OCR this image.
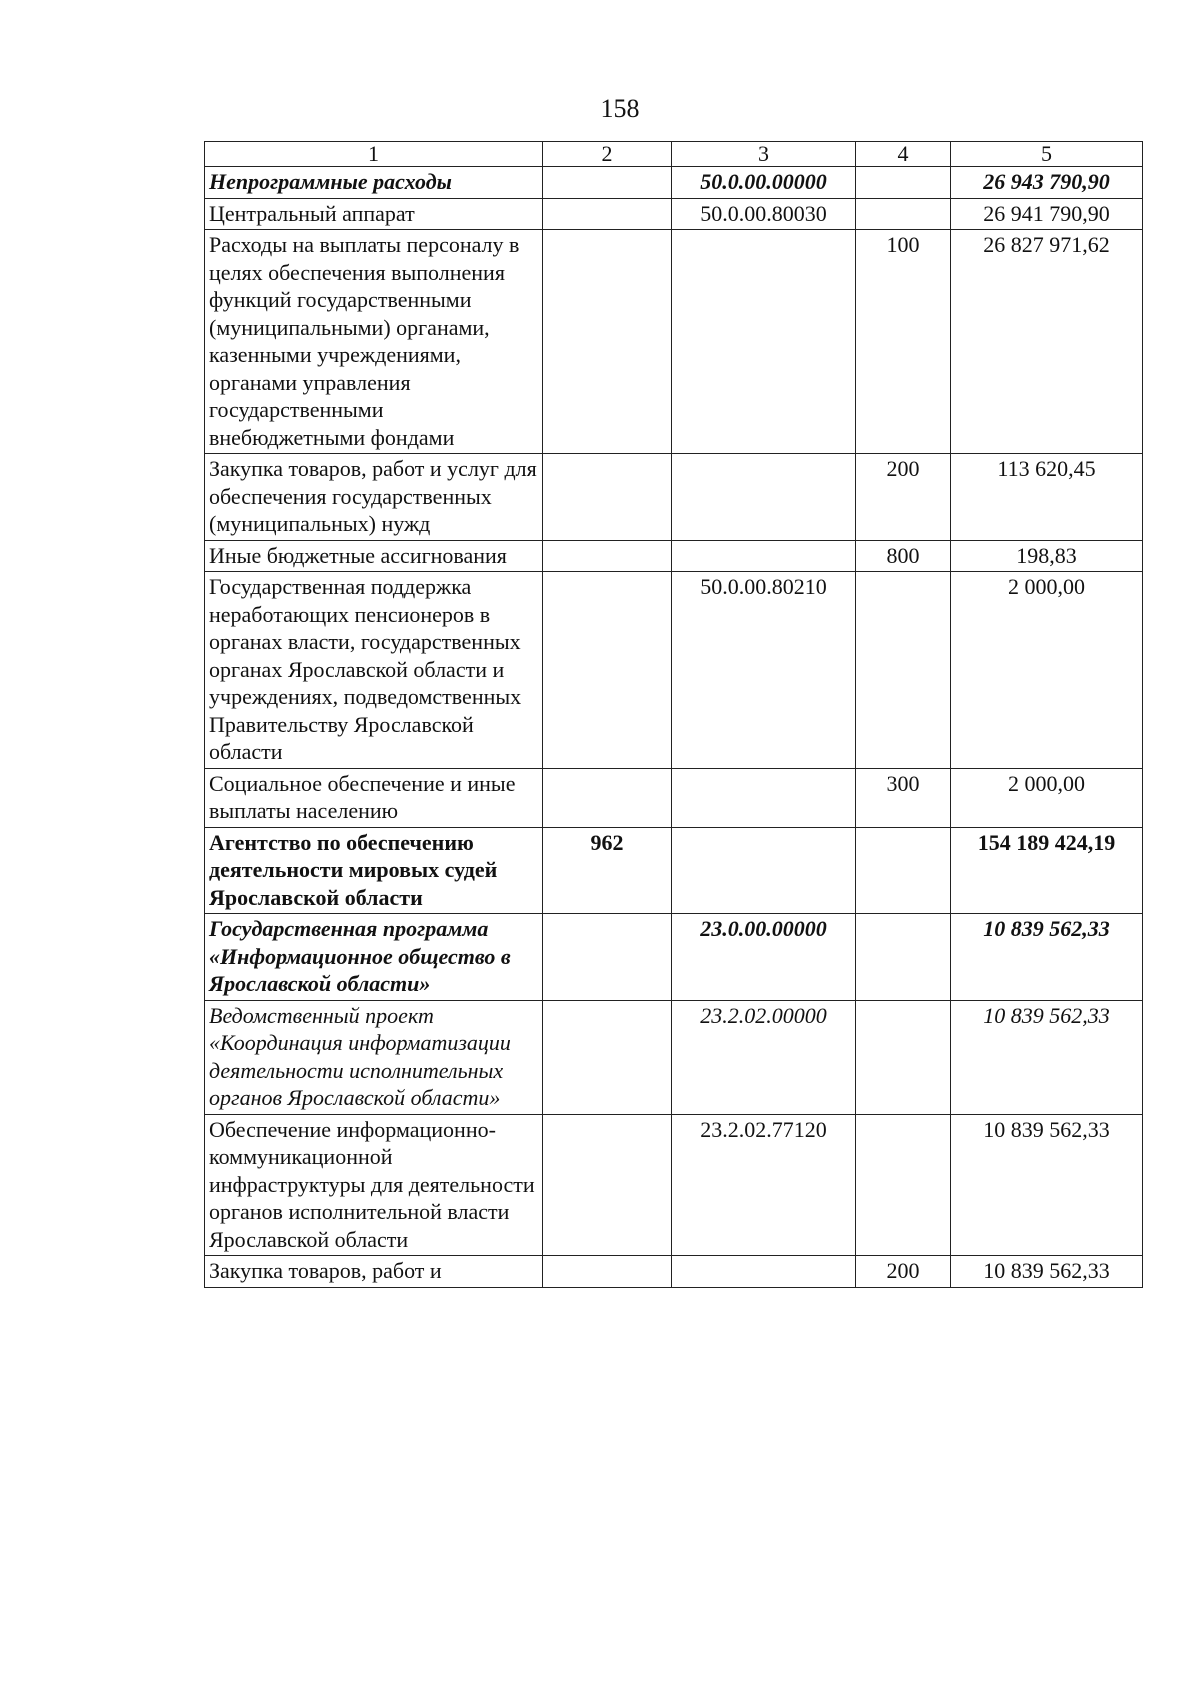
158
1	2	3	4	5
Непрограммные расходы		50.0.00.00000		26 943 790,90
Центральный аппарат		50.0.00.80030		26 941 790,90
Расходы на выплаты персоналу в целях обеспечения выполнения функций государственными (муниципальными) органами, казенными учреждениями, органами управления государственными внебюджетными фондами			100	26 827 971,62
Закупка товаров, работ и услуг для обеспечения государственных (муниципальных) нужд			200	113 620,45
Иные бюджетные ассигнования			800	198,83
Государственная поддержка неработающих пенсионеров в органах власти, государственных органах Ярославской области и учреждениях, подведомственных Правительству Ярославской области		50.0.00.80210		2 000,00
Социальное обеспечение и иные выплаты населению			300	2 000,00
Агентство по обеспечению деятельности мировых судей Ярославской области	962			154 189 424,19
Государственная программа «Информационное общество в Ярославской области»		23.0.00.00000		10 839 562,33
Ведомственный проект «Координация информатизации деятельности исполнительных органов Ярославской области»		23.2.02.00000		10 839 562,33
Обеспечение информационно-коммуникационной инфраструктуры для деятельности органов исполнительной власти Ярославской области		23.2.02.77120		10 839 562,33
Закупка товаров, работ и			200	10 839 562,33
